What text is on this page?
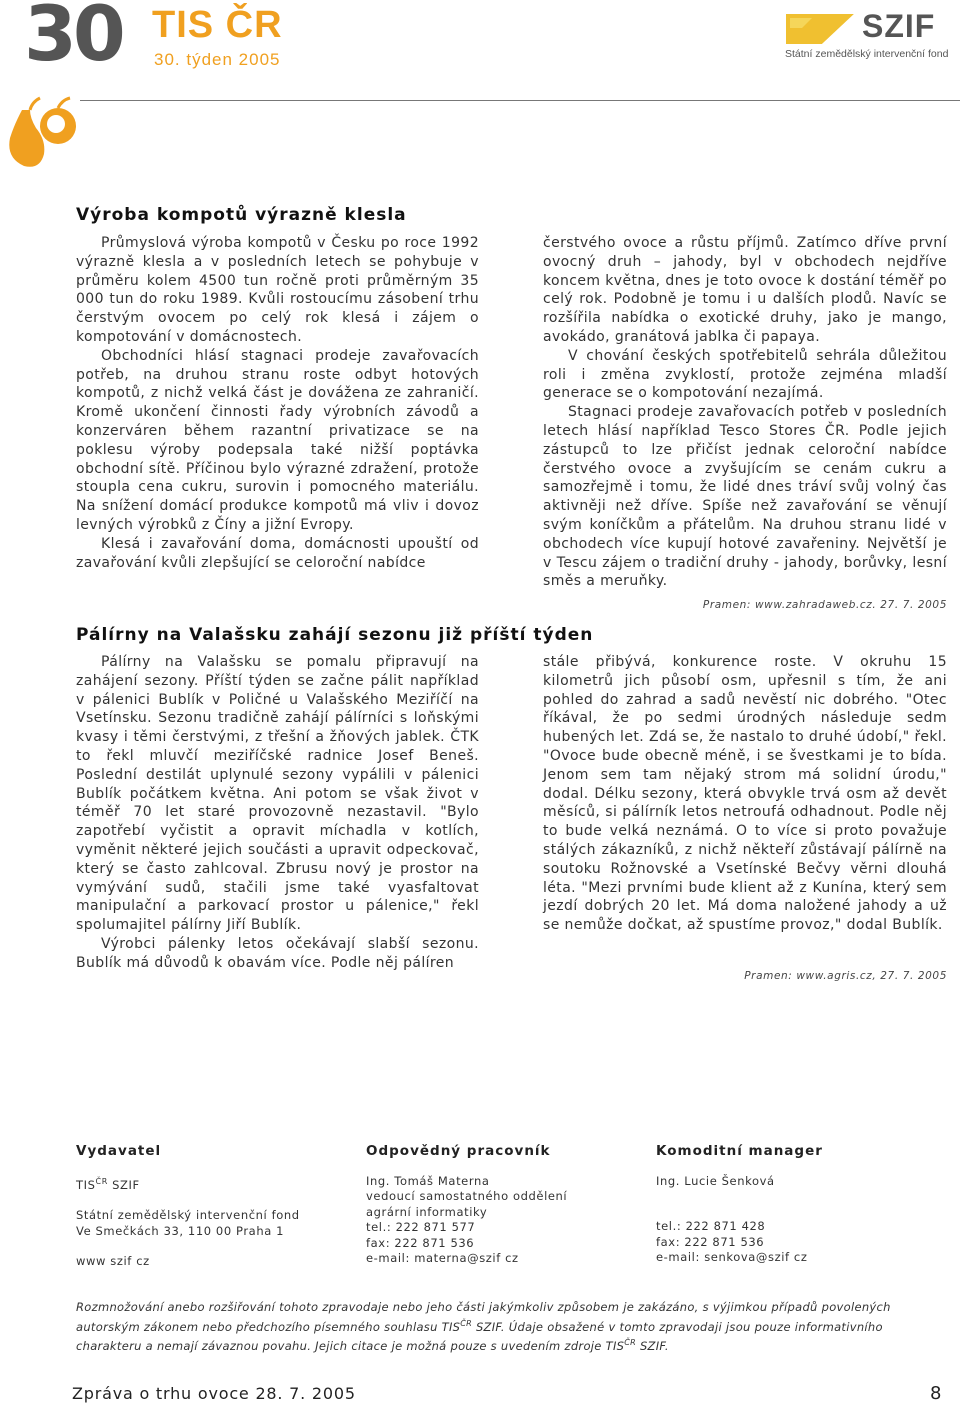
30 TIS ČR
30. týden 2005
SZIF
Státní zemědělský intervenční fond
Výroba kompotů výrazně klesla

Průmyslová výroba kompotů v Česku po roce 1992 výrazně klesla a v posledních letech se pohybuje v průměru kolem 4500 tun ročně proti průměrným 35 000 tun do roku 1989. Kvůli rostoucímu zásobení trhu čerstvým ovocem po celý rok klesá i zájem o kompotování v domácnostech.

Obchodníci hlásí stagnaci prodeje zavařovacích potřeb, na druhou stranu roste odbyt hotových kompotů, z nichž velká část je dovážena ze zahraničí. Kromě ukončení činnosti řady výrobních závodů a konzerváren během razantní privatizace se na poklesu výroby podepsala také nižší poptávka obchodní sítě. Příčinou bylo výrazné zdražení, protože stoupla cena cukru, surovin i pomocného materiálu. Na snížení domácí produkce kompotů má vliv i dovoz levných výrobků z Číny a jižní Evropy.

Klesá i zavařování doma, domácnosti upouští od zavařování kvůli zlepšující se celoroční nabídce

čerstvého ovoce a růstu příjmů. Zatímco dříve první ovocný druh – jahody, byl v obchodech nejdříve koncem května, dnes je toto ovoce k dostání téměř po celý rok. Podobně je tomu i u dalších plodů. Navíc se rozšířila nabídka o exotické druhy, jako je mango, avokádo, granátová jablka či papaya.

V chování českých spotřebitelů sehrála důležitou roli i změna zvyklostí, protože zejména mladší generace se o kompotování nezajímá.

Stagnaci prodeje zavařovacích potřeb v posledních letech hlásí například Tesco Stores ČR. Podle jejich zástupců to lze přičíst jednak celoroční nabídce čerstvého ovoce a zvyšujícím se cenám cukru a samozřejmě i tomu, že lidé dnes tráví svůj volný čas aktivněji než dříve. Spíše než zavařování se věnují svým koníčkům a přátelům. Na druhou stranu lidé v obchodech více kupují hotové zavařeniny. Největší je v Tescu zájem o tradiční druhy - jahody, borůvky, lesní směs a meruňky.

Pramen: www.zahradaweb.cz. 27. 7. 2005
Pálírny na Valašsku zahájí sezonu již příští týden

Pálírny na Valašsku se pomalu připravují na zahájení sezony. Příští týden se začne pálit například v pálenici Bublík v Poličné u Valašského Meziříčí na Vsetínsku. Sezonu tradičně zahájí pálírníci s loňskými kvasy i těmi čerstvými, z třešní a žňových jablek. ČTK to řekl mluvčí meziříčské radnice Josef Beneš. Poslední destilát uplynulé sezony vypálili v pálenici Bublík počátkem května. Ani potom se však život v téměř 70 let staré provozovně nezastavil. "Bylo zapotřebí vyčistit a opravit míchadla v kotlích, vyměnit některé jejich součásti a upravit odpeckovač, který se často zahlcoval. Zbrusu nový je prostor na vymývání sudů, stačili jsme také vyasfaltovat manipulační a parkovací prostor u pálenice," řekl spolumajitel pálírny Jiří Bublík.

Výrobci pálenky letos očekávají slabší sezonu. Bublík má důvodů k obavám více. Podle něj pálíren

stále přibývá, konkurence roste. V okruhu 15 kilometrů jich působí osm, upřesnil s tím, že ani pohled do zahrad a sadů nevěstí nic dobrého. "Otec říkával, že po sedmi úrodných následuje sedm hubených let. Zdá se, že nastalo to druhé údobí," řekl. "Ovoce bude obecně méně, i se švestkami je to bída. Jenom sem tam nějaký strom má solidní úrodu," dodal. Délku sezony, která obvykle trvá osm až devět měsíců, si pálírník letos netroufá odhadnout. Podle něj to bude velká neznámá. O to více si proto považuje stálých zákazníků, z nichž někteří zůstávají pálírně na soutoku Rožnovské a Vsetínské Bečvy věrni dlouhá léta. "Mezi prvními bude klient až z Kunína, který sem jezdí dobrých 20 let. Má doma naložené jahody a už se nemůže dočkat, až spustíme provoz," dodal Bublík.

Pramen: www.agris.cz, 27. 7. 2005
Vydavatel
$TIS^{ČR}$ SZIF
Státní zemědělský intervenční fond
Ve Smečkách 33, 110 00 Praha 1
www szif cz
Odpovědný pracovník
Ing. Tomáš Materna
vedoucí samostatného oddělení
agrární informatiky
tel.: 222 871 577
fax: 222 871 536
e-mail: materna@szif cz
Komoditní manager
Ing. Lucie Šenková
tel.: 222 871 428
fax: 222 871 536
e-mail: senkova@szif cz
Rozmnožování anebo rozšiřování tohoto zpravodaje nebo jeho části jakýmkoliv způsobem je zakázáno, s výjimkou případů povolených autorským zákonem nebo předchozího písemného souhlasu $TIS^{ČR}$ SZIF. Údaje obsažené v tomto zpravodaji jsou pouze informativního charakteru a nemají závaznou povahu. Jejich citace je možná pouze s uvedením zdroje $TIS^{ČR}$ SZIF.
Zpráva o trhu ovoce 28. 7. 2005	8
